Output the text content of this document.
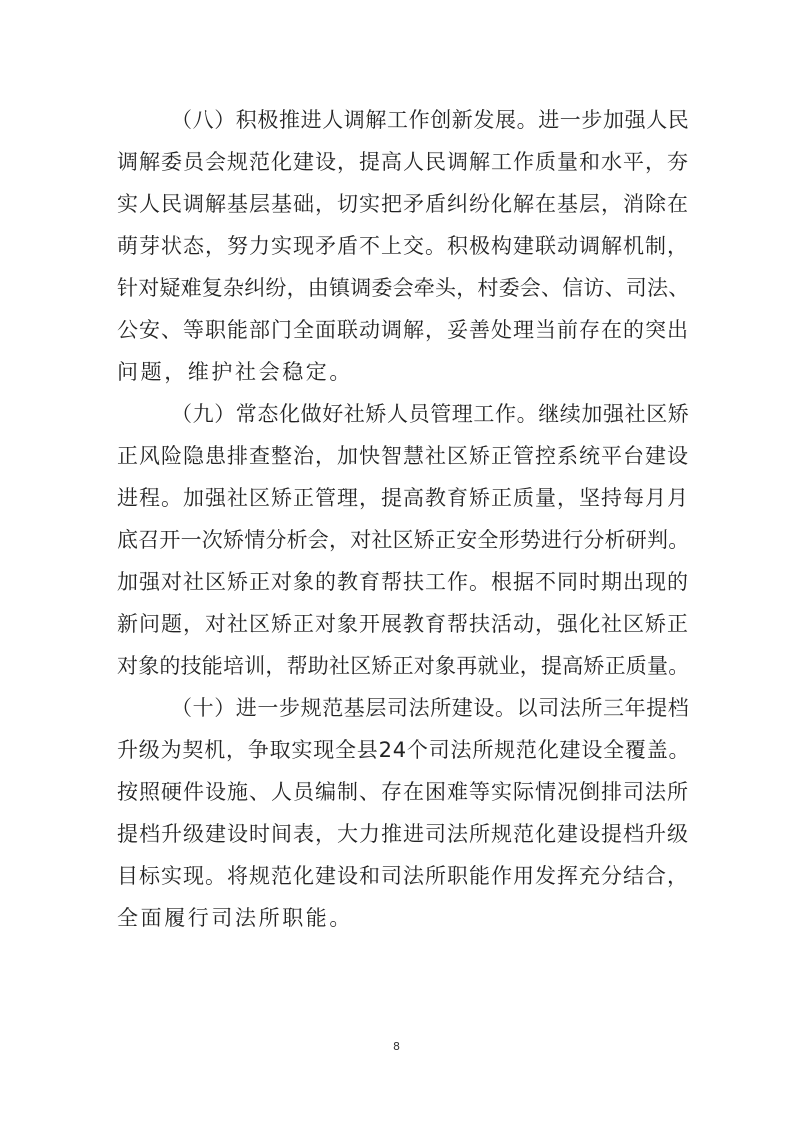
（八）积极推进人调解工作创新发展。进一步加强人民
调解委员会规范化建设，提高人民调解工作质量和水平，夯
实人民调解基层基础，切实把矛盾纠纷化解在基层，消除在
萌芽状态，努力实现矛盾不上交。积极构建联动调解机制，
针对疑难复杂纠纷，由镇调委会牵头，村委会、信访、司法、
公安、等职能部门全面联动调解，妥善处理当前存在的突出
问题，维护社会稳定。
（九）常态化做好社矫人员管理工作。继续加强社区矫
正风险隐患排查整治，加快智慧社区矫正管控系统平台建设
进程。加强社区矫正管理，提高教育矫正质量，坚持每月月
底召开一次矫情分析会，对社区矫正安全形势进行分析研判。
加强对社区矫正对象的教育帮扶工作。根据不同时期出现的
新问题，对社区矫正对象开展教育帮扶活动，强化社区矫正
对象的技能培训，帮助社区矫正对象再就业，提高矫正质量。
（十）进一步规范基层司法所建设。以司法所三年提档
升级为契机，争取实现全县24个司法所规范化建设全覆盖。
按照硬件设施、人员编制、存在困难等实际情况倒排司法所
提档升级建设时间表，大力推进司法所规范化建设提档升级
目标实现。将规范化建设和司法所职能作用发挥充分结合，
全面履行司法所职能。
8
